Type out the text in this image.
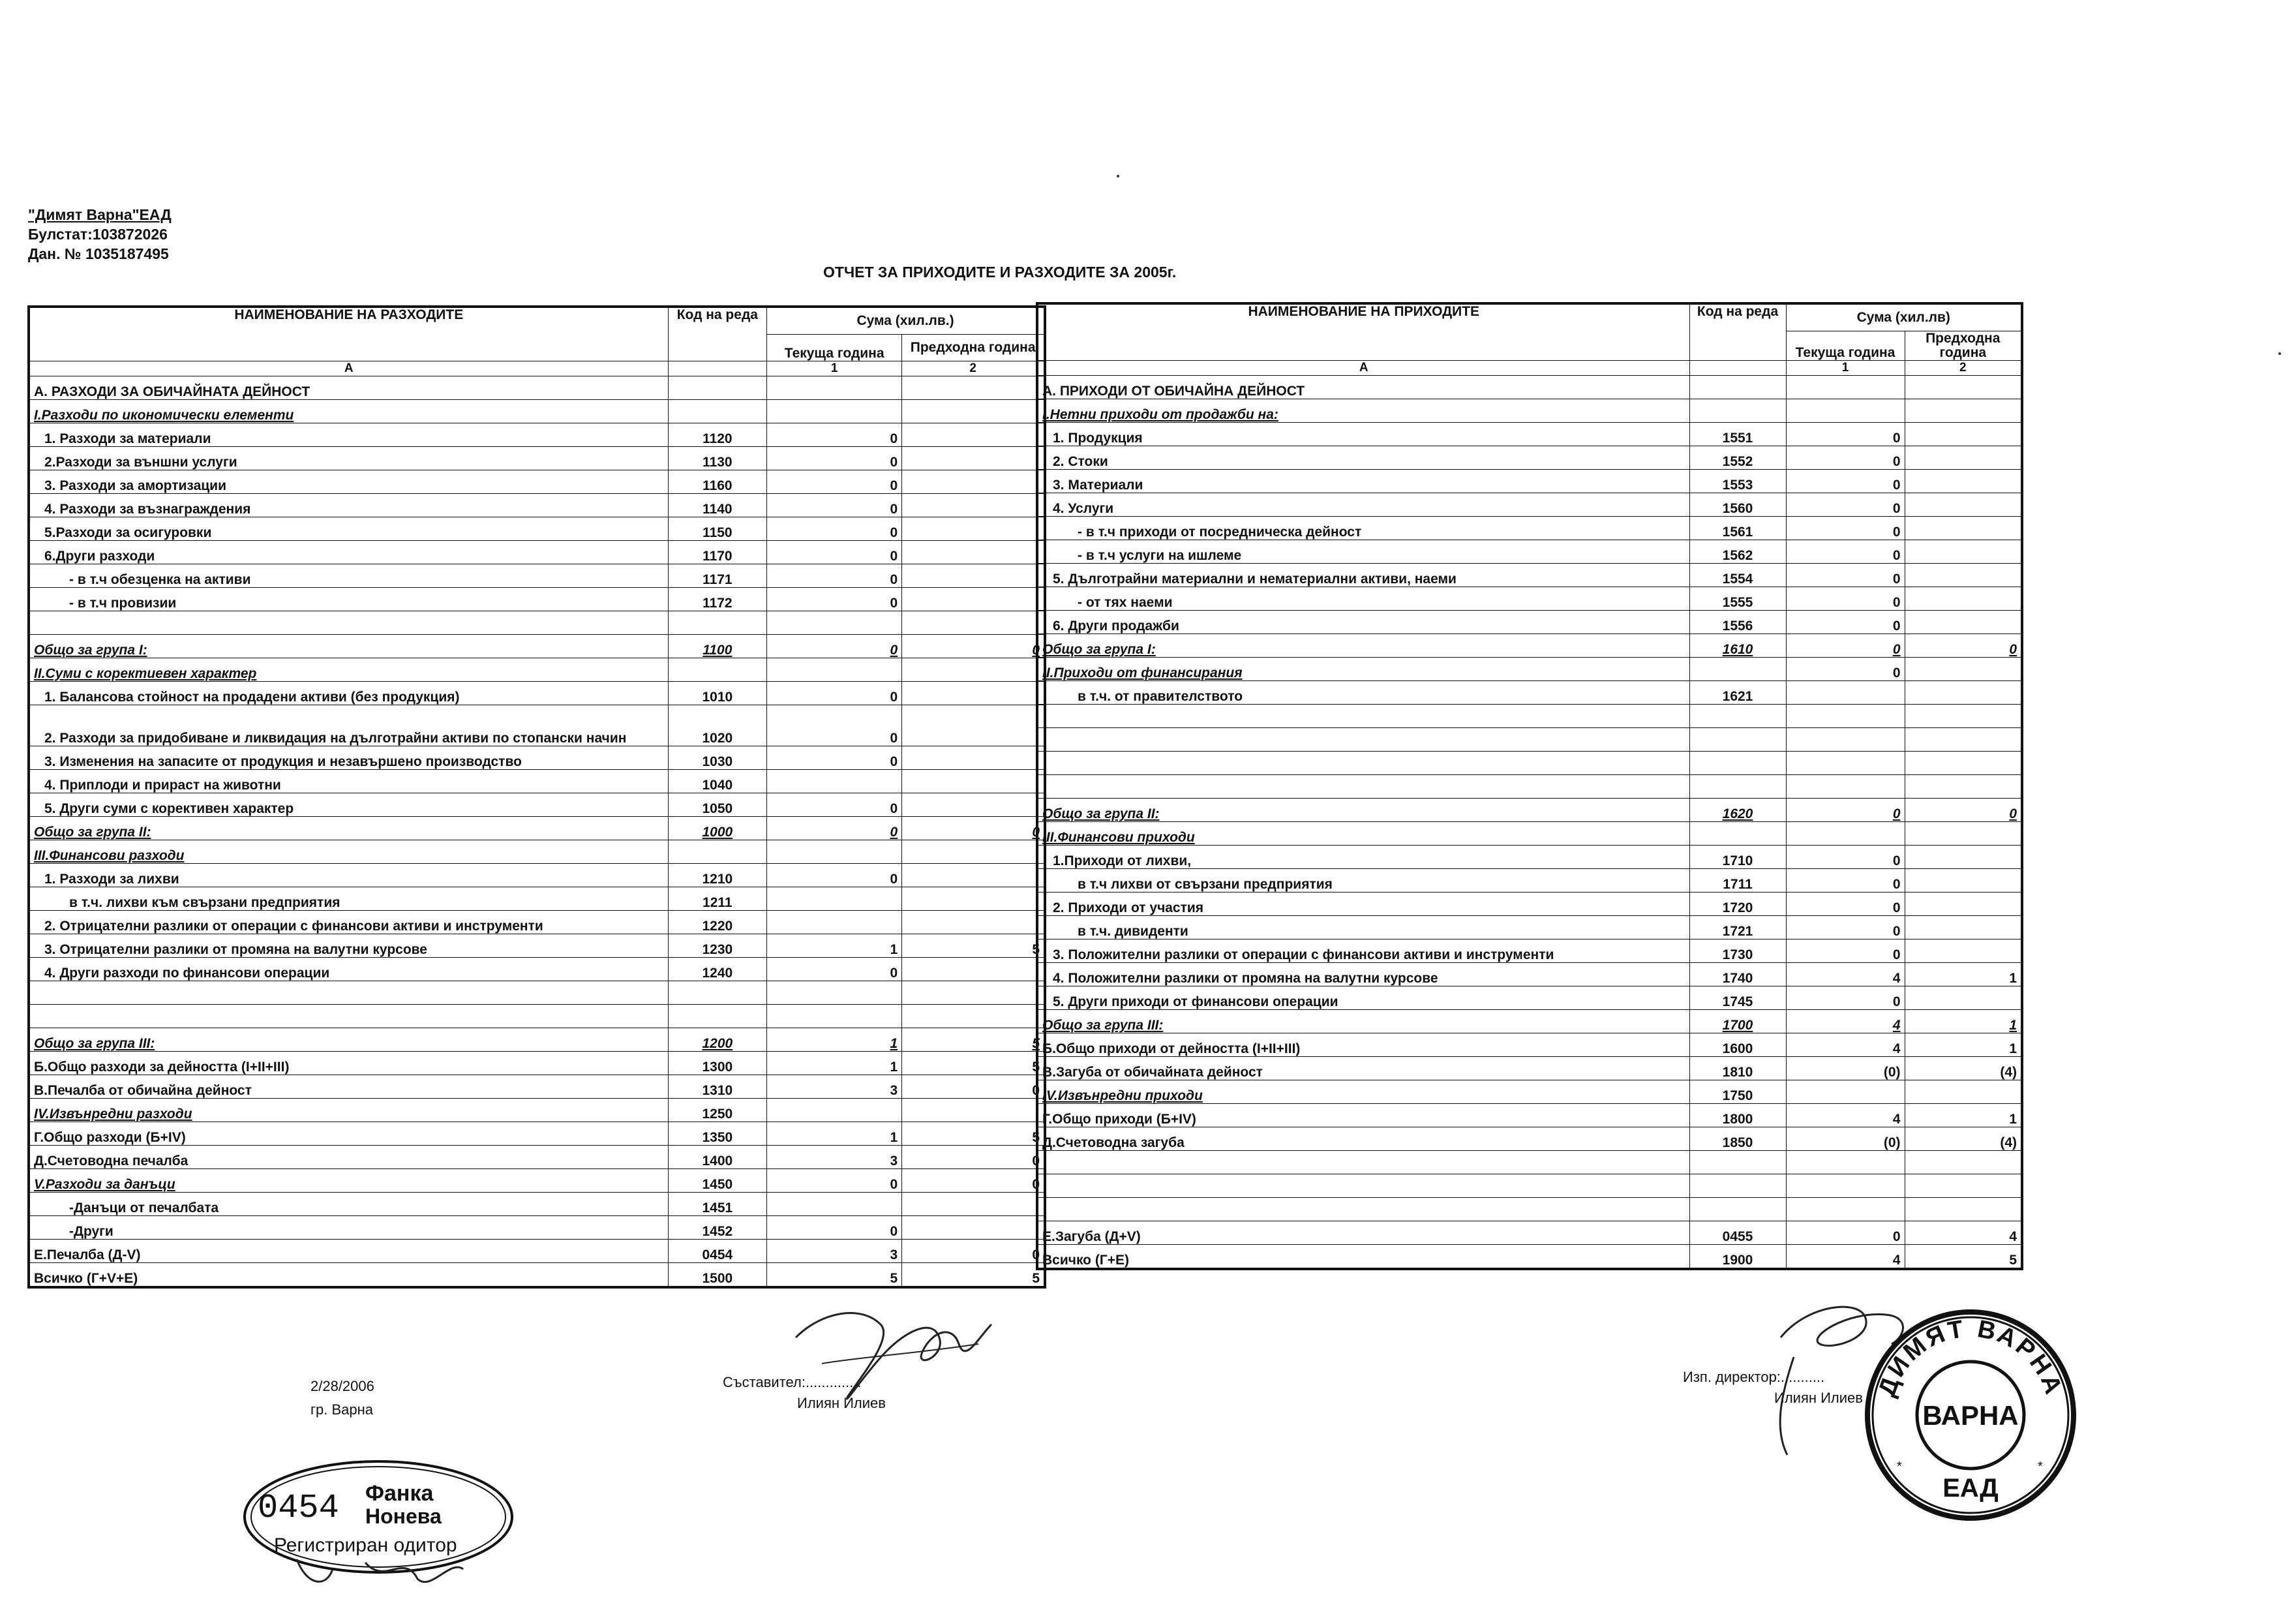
"Димят Варна"ЕАД
Булстат:103872026
Дан. № 1035187495
ОТЧЕТ ЗА ПРИХОДИТЕ И РАЗХОДИТЕ ЗА 2005г.
НАИМЕНОВАНИЕ НА РАЗХОДИТЕ	Код на реда	Сума (хил.лв.)	
		Текуща година	Предходна година
А		1	2
А. РАЗХОДИ ЗА ОБИЧАЙНАТА ДЕЙНОСТ			
I.Разходи по икономически елементи			
1. Разходи за материали	1120	0	
2.Разходи за външни услуги	1130	0	
3. Разходи за амортизации	1160	0	
4. Разходи за възнаграждения	1140	0	
5.Разходи за осигуровки	1150	0	
6.Други разходи	1170	0	
- в т.ч обезценка на активи	1171	0	
- в т.ч провизии	1172	0	

Общо за група I:	1100	0	0
II.Суми с коректиевен характер			
1. Балансова стойност на продадени активи (без продукция)	1010	0	
2. Разходи за придобиване и ликвидация на дълготрайни активи по стопански начин	1020	0	
3. Изменения на запасите от продукция и незавършено производство	1030	0	
4. Приплоди и прираст на животни	1040		
5. Други суми с корективен характер	1050	0	
Общо за група II:	1000	0	0
III.Финансови разходи			
1. Разходи за лихви	1210	0	
в т.ч. лихви към свързани предприятия	1211		
2. Отрицателни разлики от операции с финансови активи и инструменти	1220		
3. Отрицателни разлики от промяна на валутни курсове	1230	1	5
4. Други разходи по финансови операции	1240	0	

Общо за група III:	1200	1	5
Б.Общо разходи за дейността (I+II+III)	1300	1	5
В.Печалба от обичайна дейност	1310	3	0
IV.Извънредни разходи	1250		
Г.Общо разходи (Б+IV)	1350	1	5
Д.Счетоводна печалба	1400	3	0
V.Разходи за данъци	1450	0	0
-Данъци от печалбата	1451		
-Други	1452	0	
Е.Печалба (Д-V)	0454	3	0
Всичко (Г+V+Е)	1500	5	5
НАИМЕНОВАНИЕ НА ПРИХОДИТЕ	Код на реда	Сума (хил.лв)	
		Текуща година	Предходна година
А		1	2
А. ПРИХОДИ ОТ ОБИЧАЙНА ДЕЙНОСТ			
I.Нетни приходи от продажби на:			
1. Продукция	1551	0	
2. Стоки	1552	0	
3. Материали	1553	0	
4. Услуги	1560	0	
- в т.ч приходи от посредническа дейност	1561	0	
- в т.ч услуги на ишлеме	1562	0	
5. Дълготрайни материални и нематериални активи, наеми	1554	0	
- от тях наеми	1555	0	
6. Други продажби	1556	0	
Общо за група I:	1610	0	0
II.Приходи от финансирания		0	
в т.ч. от правителството	1621		

Общо за група II:	1620	0	0
III.Финансови приходи			
1.Приходи от лихви,	1710	0	
в т.ч лихви от свързани предприятия	1711	0	
2. Приходи от участия	1720	0	
в т.ч. дивиденти	1721	0	
3. Положителни разлики от операции с финансови активи и инструменти	1730	0	
4. Положителни разлики от промяна на валутни курсове	1740	4	1
5. Други приходи от финансови операции	1745	0	
Общо за група III:	1700	4	1
Б.Общо приходи от дейността (I+II+III)	1600	4	1
В.Загуба от обичайната дейност	1810	(0)	(4)
IV.Извънредни приходи	1750		
Г.Общо приходи (Б+IV)	1800	4	1
Д.Счетоводна загуба	1850	(0)	(4)

Е.Загуба (Д+V)	0455	0	4
Всичко (Г+Е)	1900	4	5
2/28/2006
гр. Варна
Съставител:..............
Илиян Илиев
Изп. директор:...........
Илиян Илиев ДИМЯТ ВАРНА
ВАРНА
ЕАД
*	*
0454 Фанка
Нонева
Регистриран одитор
